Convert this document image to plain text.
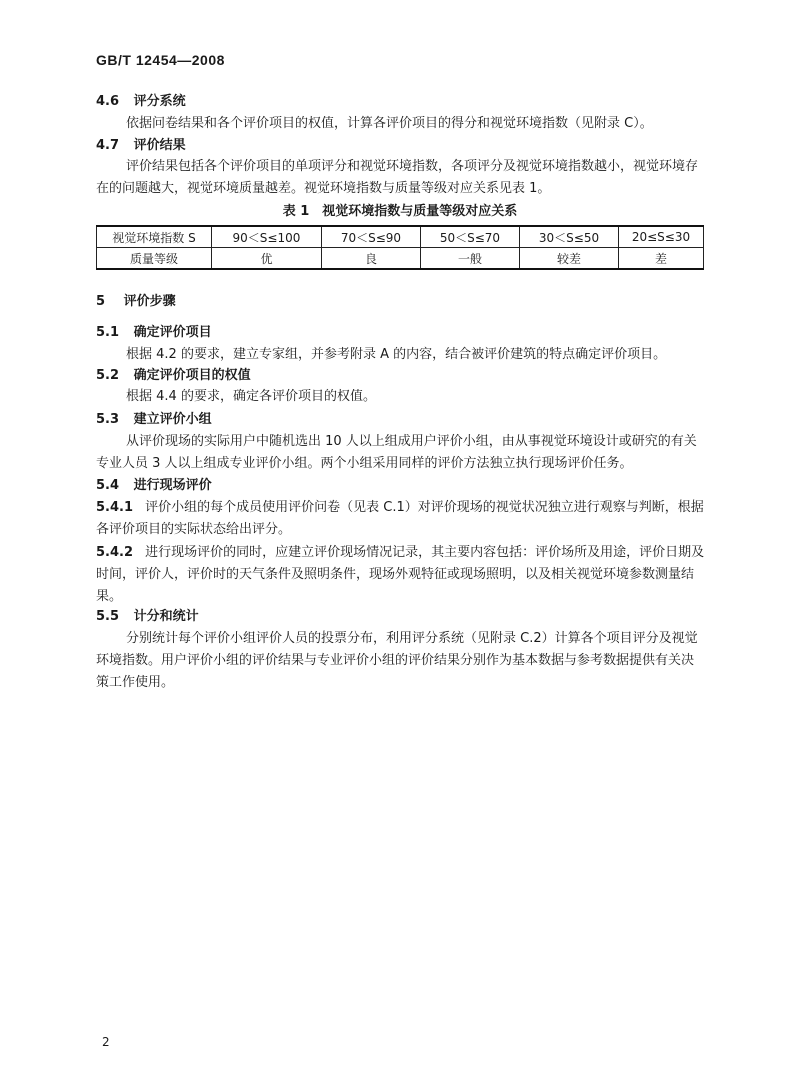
GB/T 12454—2008
4.6 评分系统
依据问卷结果和各个评价项目的权值，计算各评价项目的得分和视觉环境指数（见附录 C）。
4.7 评价结果
评价结果包括各个评价项目的单项评分和视觉环境指数，各项评分及视觉环境指数越小，视觉环境存在的问题越大，视觉环境质量越差。视觉环境指数与质量等级对应关系见表 1。
表 1　视觉环境指数与质量等级对应关系
视觉环境指数 S	90＜S≤100	70＜S≤90	50＜S≤70	30＜S≤50	20≤S≤30
质量等级	优	良	一般	较差	差
5 评价步骤
5.1 确定评价项目
根据 4.2 的要求，建立专家组，并参考附录 A 的内容，结合被评价建筑的特点确定评价项目。
5.2 确定评价项目的权值
根据 4.4 的要求，确定各评价项目的权值。
5.3 建立评价小组
从评价现场的实际用户中随机选出 10 人以上组成用户评价小组，由从事视觉环境设计或研究的有关专业人员 3 人以上组成专业评价小组。两个小组采用同样的评价方法独立执行现场评价任务。
5.4 进行现场评价
5.4.1 评价小组的每个成员使用评价问卷（见表 C.1）对评价现场的视觉状况独立进行观察与判断，根据各评价项目的实际状态给出评分。
5.4.2 进行现场评价的同时，应建立评价现场情况记录，其主要内容包括：评价场所及用途，评价日期及时间，评价人，评价时的天气条件及照明条件，现场外观特征或现场照明，以及相关视觉环境参数测量结果。
5.5 计分和统计
分别统计每个评价小组评价人员的投票分布，利用评分系统（见附录 C.2）计算各个项目评分及视觉环境指数。用户评价小组的评价结果与专业评价小组的评价结果分别作为基本数据与参考数据提供有关决策工作使用。
2
